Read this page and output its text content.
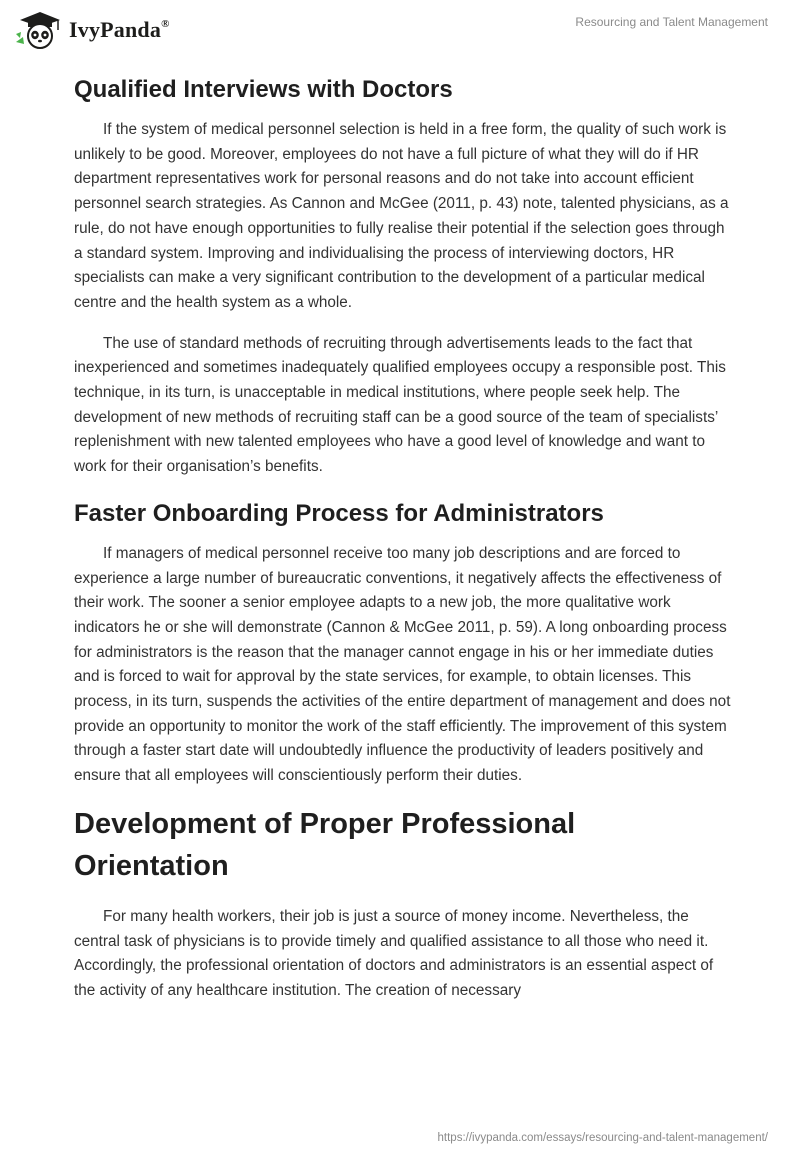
IvyPanda®	Resourcing and Talent Management
Qualified Interviews with Doctors

If the system of medical personnel selection is held in a free form, the quality of such work is unlikely to be good. Moreover, employees do not have a full picture of what they will do if HR department representatives work for personal reasons and do not take into account efficient personnel search strategies. As Cannon and McGee (2011, p. 43) note, talented physicians, as a rule, do not have enough opportunities to fully realise their potential if the selection goes through a standard system. Improving and individualising the process of interviewing doctors, HR specialists can make a very significant contribution to the development of a particular medical centre and the health system as a whole.

The use of standard methods of recruiting through advertisements leads to the fact that inexperienced and sometimes inadequately qualified employees occupy a responsible post. This technique, in its turn, is unacceptable in medical institutions, where people seek help. The development of new methods of recruiting staff can be a good source of the team of specialists’ replenishment with new talented employees who have a good level of knowledge and want to work for their organisation’s benefits.

Faster Onboarding Process for Administrators

If managers of medical personnel receive too many job descriptions and are forced to experience a large number of bureaucratic conventions, it negatively affects the effectiveness of their work. The sooner a senior employee adapts to a new job, the more qualitative work indicators he or she will demonstrate (Cannon & McGee 2011, p. 59). A long onboarding process for administrators is the reason that the manager cannot engage in his or her immediate duties and is forced to wait for approval by the state services, for example, to obtain licenses. This process, in its turn, suspends the activities of the entire department of management and does not provide an opportunity to monitor the work of the staff efficiently. The improvement of this system through a faster start date will undoubtedly influence the productivity of leaders positively and ensure that all employees will conscientiously perform their duties.

Development of Proper Professional Orientation

For many health workers, their job is just a source of money income. Nevertheless, the central task of physicians is to provide timely and qualified assistance to all those who need it. Accordingly, the professional orientation of doctors and administrators is an essential aspect of the activity of any healthcare institution. The creation of necessary

https://ivypanda.com/essays/resourcing-and-talent-management/
